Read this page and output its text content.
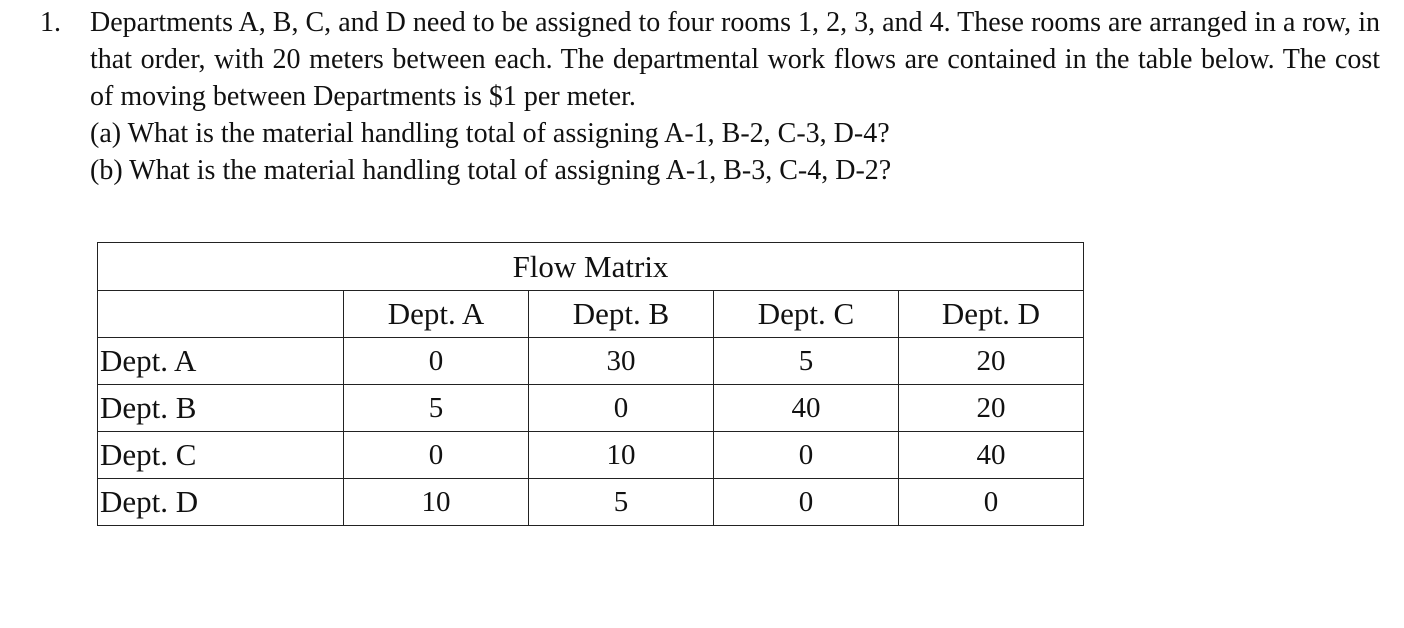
1.	Departments A, B, C, and D need to be assigned to four rooms 1, 2, 3, and 4. These rooms are arranged in a row, in that order, with 20 meters between each. The departmental work flows are contained in the table below. The cost of moving between Departments is $1 per meter.
(a) What is the material handling total of assigning A-1, B-2, C-3, D-4?
(b) What is the material handling total of assigning A-1, B-3, C-4, D-2?
Flow Matrix				
	Dept. A	Dept. B	Dept. C	Dept. D
Dept. A	0	30	5	20
Dept. B	5	0	40	20
Dept. C	0	10	0	40
Dept. D	10	5	0	0
